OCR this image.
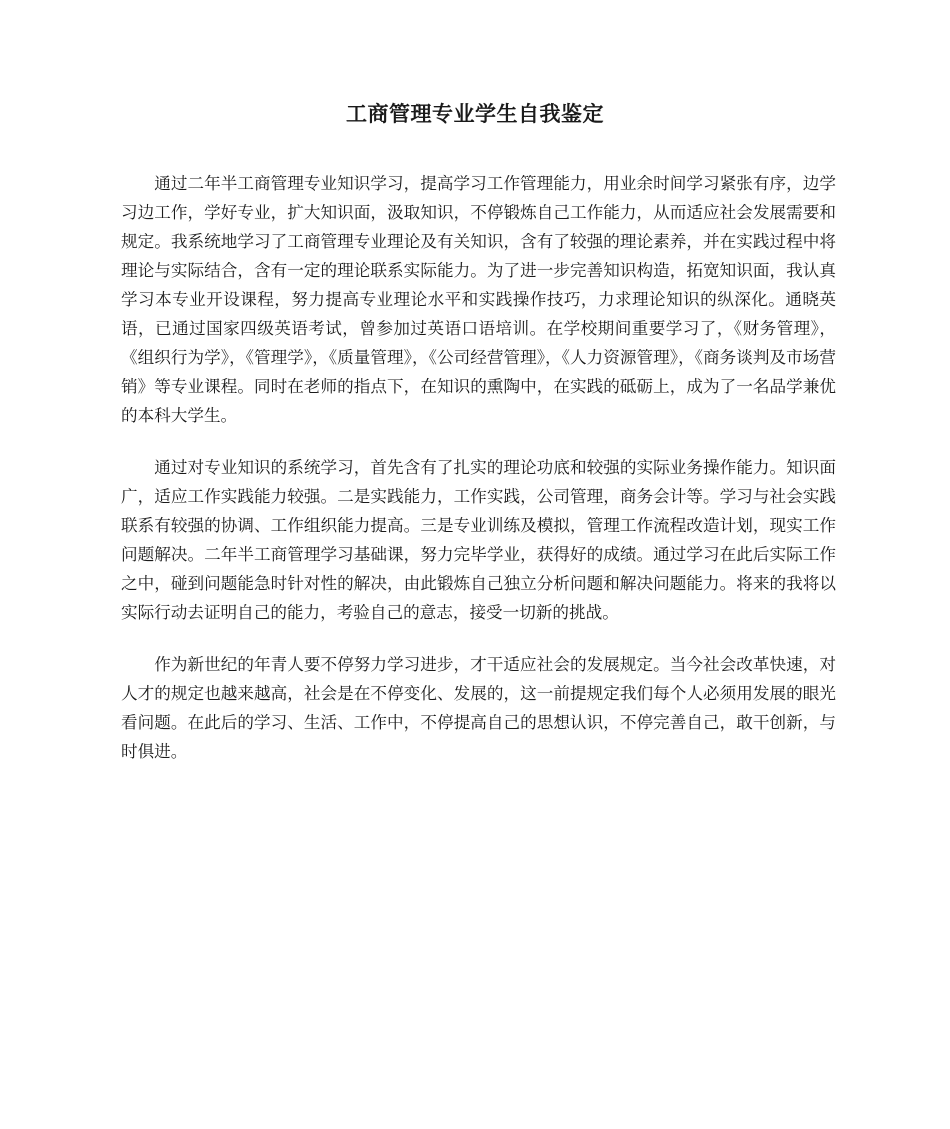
工商管理专业学生自我鉴定

通过二年半工商管理专业知识学习，提高学习工作管理能力，用业余时间学习紧张有序，边学习边工作，学好专业，扩大知识面，汲取知识，不停锻炼自己工作能力，从而适应社会发展需要和规定。我系统地学习了工商管理专业理论及有关知识，含有了较强的理论素养，并在实践过程中将理论与实际结合，含有一定的理论联系实际能力。为了进一步完善知识构造，拓宽知识面，我认真学习本专业开设课程，努力提高专业理论水平和实践操作技巧，力求理论知识的纵深化。通晓英语，已通过国家四级英语考试，曾参加过英语口语培训。在学校期间重要学习了，《财务管理》，《组织行为学》，《管理学》，《质量管理》，《公司经营管理》，《人力资源管理》，《商务谈判及市场营销》等专业课程。同时在老师的指点下，在知识的熏陶中，在实践的砥砺上，成为了一名品学兼优的本科大学生。

通过对专业知识的系统学习，首先含有了扎实的理论功底和较强的实际业务操作能力。知识面广，适应工作实践能力较强。二是实践能力，工作实践，公司管理，商务会计等。学习与社会实践联系有较强的协调、工作组织能力提高。三是专业训练及模拟，管理工作流程改造计划，现实工作问题解决。二年半工商管理学习基础课，努力完毕学业，获得好的成绩。通过学习在此后实际工作之中，碰到问题能急时针对性的解决，由此锻炼自己独立分析问题和解决问题能力。将来的我将以实际行动去证明自己的能力，考验自己的意志，接受一切新的挑战。

作为新世纪的年青人要不停努力学习进步，才干适应社会的发展规定。当今社会改革快速，对人才的规定也越来越高，社会是在不停变化、发展的，这一前提规定我们每个人必须用发展的眼光看问题。在此后的学习、生活、工作中，不停提高自己的思想认识，不停完善自己，敢干创新，与时俱进。
